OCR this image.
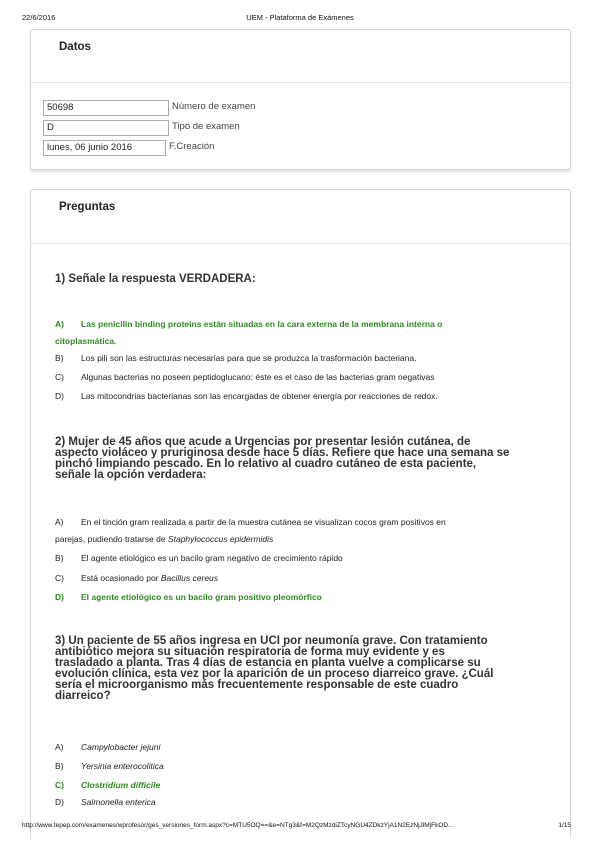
22/6/2016	UEM - Plataforma de Exámenes
Datos
50698	Número de examen
D	Tipo de examen
lunes, 06 junio 2016	F.Creación
Preguntas
1) Señale la respuesta VERDADERA:
A) Las penicilin binding proteins están situadas en la cara externa de la membrana interna o
citoplasmática.
B) Los pili son las estructuras necesarias para que se produzca la trasformación bacteriana.
C) Algunas bacterias no poseen peptidoglucano; éste es el caso de las bacterias gram negativas
D) Las mitocondrias bacterianas son las encargadas de obtener energía por reacciones de redox.
2) Mujer de 45 años que acude a Urgencias por presentar lesión cutánea, de
aspecto violáceo y pruriginosa desde hace 5 días. Refiere que hace una semana se
pinchó limpiando pescado. En lo relativo al cuadro cutáneo de esta paciente,
señale la opción verdadera:
A) En el tinción gram realizada a partir de la muestra cutánea se visualizan cocos gram positivos en
parejas, pudiendo tratarse de Staphylococcus epidermidis
B) El agente etiológico es un bacilo gram negativo de crecimiento rápido
C) Está ocasionado por Bacillus cereus
D) El agente etiológico es un bacilo gram positivo pleomórfico
3) Un paciente de 55 años ingresa en UCI por neumonía grave. Con tratamiento
antibiótico mejora su situación respiratoria de forma muy evidente y es
trasladado a planta. Tras 4 días de estancia en planta vuelve a complicarse su
evolución clínica, esta vez por la aparición de un proceso diarreico grave. ¿Cuál
sería el microorganismo más frecuentemente responsable de este cuadro
diarreico?
A) Campylobacter jejuni
B) Yersinia enterocolitica
C) Clostridium difficile
D) Salmonella enterica
http://www.tepep.com/examenes/wprofesor/ges_versiones_form.aspx?c=MTU5OQ==&e=NTg3&f=M2QzMzdiZTcyNGU4ZDkzYjA1N2EzNjJlMjFkOD...	1/15
